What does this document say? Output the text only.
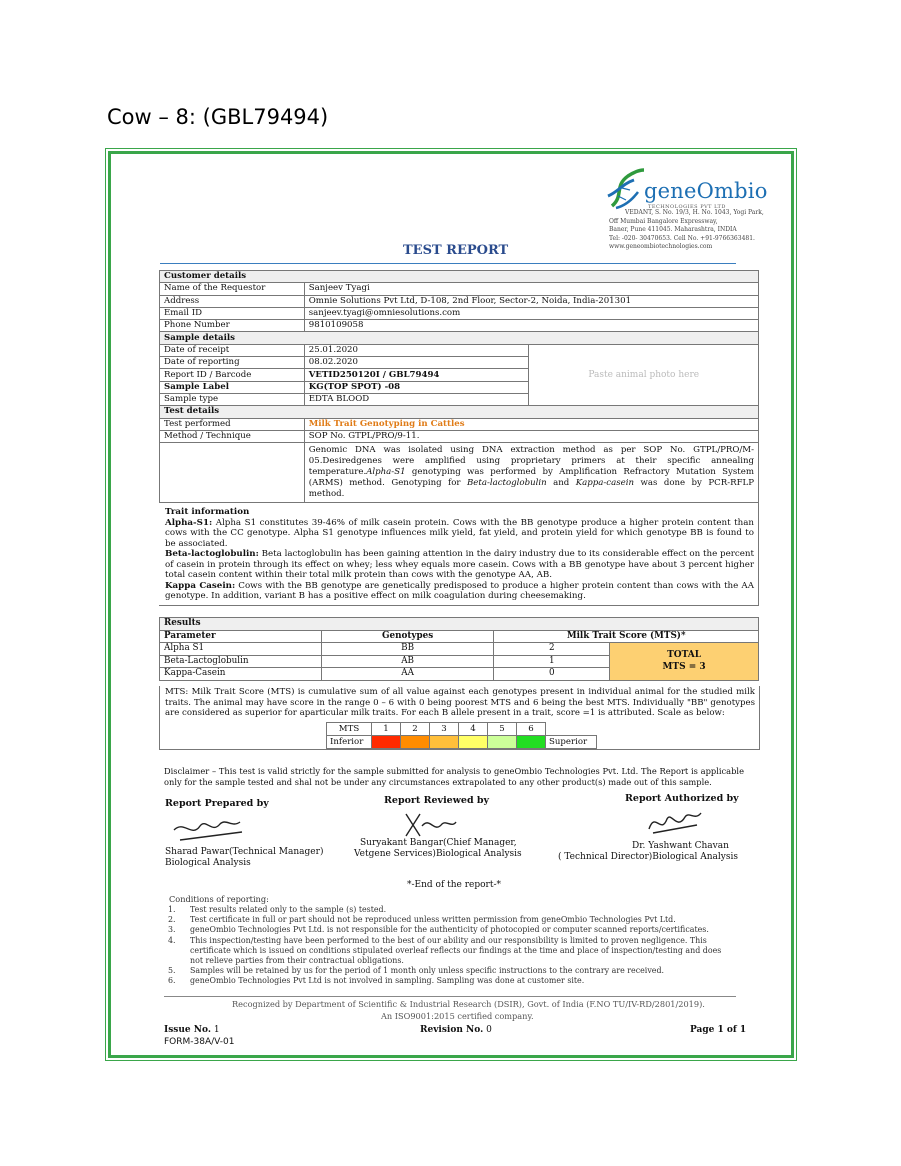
Cow – 8: (GBL79494)
geneOmbio
TECHNOLOGIES PVT LTD
VEDANT, S. No. 19/3, H. No. 1043, Yogi Park,
Off Mumbai Bangalore Expressway,
Baner, Pune 411045. Maharashtra, INDIA
Tel: -020- 30470653. Cell No. +91-9766363481.
www.geneombiotechnologies.com
TEST REPORT
Customer details		
Name of the Requestor	Sanjeev Tyagi	
Address	Omnie Solutions Pvt Ltd, D-108, 2nd Floor, Sector-2, Noida, India-201301	
Email ID	sanjeev.tyagi@omniesolutions.com	
Phone Number	9810109058	
Sample details		
Date of receipt	25.01.2020	Paste animal photo here
Date of reporting	08.02.2020	
Report ID / Barcode	VETID250120I / GBL79494	
Sample Label	KG(TOP SPOT) -08	
Sample type	EDTA BLOOD	
Test details		
Test performed	Milk Trait Genotyping in Cattles	
Method / Technique	SOP No. GTPL/PRO/9-11.	
	Genomic DNA was isolated using DNA extraction method as per SOP No. GTPL/PRO/M-05.Desiredgenes were amplified using proprietary primers at their specific annealing temperature.Alpha-S1 genotyping was performed by Amplification Refractory Mutation System (ARMS) method. Genotyping for Beta-lactoglobulin and Kappa-casein was done by PCR-RFLP method.	
Trait information
Alpha-S1: Alpha S1 constitutes 39-46% of milk casein protein. Cows with the BB genotype produce a higher protein content than cows with the CC genotype. Alpha S1 genotype influences milk yield, fat yield, and protein yield for which genotype BB is found to be associated.
Beta-lactoglobulin: Beta lactoglobulin has been gaining attention in the dairy industry due to its considerable effect on the percent of casein in protein through its effect on whey; less whey equals more casein. Cows with a BB genotype have about 3 percent higher total casein content within their total milk protein than cows with the genotype AA, AB.
Kappa Casein: Cows with the BB genotype are genetically predisposed to produce a higher protein content than cows with the AA genotype. In addition, variant B has a positive effect on milk coagulation during cheesemaking.
Results			
Parameter	Genotypes	Milk Trait Score (MTS)*	
Alpha S1	BB	2	TOTAL
MTS = 3

Beta-Lactoglobulin	AB	1	
Kappa-Casein	AA	0	
MTS: Milk Trait Score (MTS) is cumulative sum of all value against each genotypes present in individual animal for the studied milk traits. The animal may have score in the range 0 – 6 with 0 being poorest MTS and 6 being the best MTS. Individually "BB" genotypes are considered as superior for aparticular milk traits. For each B allele present in a trait, score =1 is attributed. Scale as below:
MTS	1	2	3	4	5	6	
Inferior							Superior
Disclaimer – This test is valid strictly for the sample submitted for analysis to geneOmbio Technologies Pvt. Ltd. The Report is applicable only for the sample tested and shal not be under any circumstances extrapolated to any other product(s) made out of this sample.
Report Prepared by
Sharad Pawar(Technical Manager)
Biological Analysis
Report Reviewed by
Suryakant Bangar(Chief Manager,
Vetgene Services)Biological Analysis
Report Authorized by
Dr. Yashwant Chavan
( Technical Director)Biological Analysis
*-End of the report-*
Conditions of reporting:
1.	Test results related only to the sample (s) tested.
2.	Test certificate in full or part should not be reproduced unless written permission from geneOmbio Technologies Pvt Ltd.
3.	geneOmbio Technologies Pvt Ltd. is not responsible for the authenticity of photocopied or computer scanned reports/certificates.
4.	This inspection/testing have been performed to the best of our ability and our responsibility is limited to proven negligence. This certificate which is issued on conditions stipulated overleaf reflects our findings at the time and place of inspection/testing and does not relieve parties from their contractual obligations.
5.	Samples will be retained by us for the period of 1 month only unless specific instructions to the contrary are received.
6.	geneOmbio Technologies Pvt Ltd is not involved in sampling. Sampling was done at customer site.
Recognized by Department of Scientific & Industrial Research (DSIR), Govt. of India (F.NO TU/IV-RD/2801/2019).
An ISO9001:2015 certified company.
Issue No. 1	Revision No. 0	Page 1 of 1
FORM-38A/V-01
